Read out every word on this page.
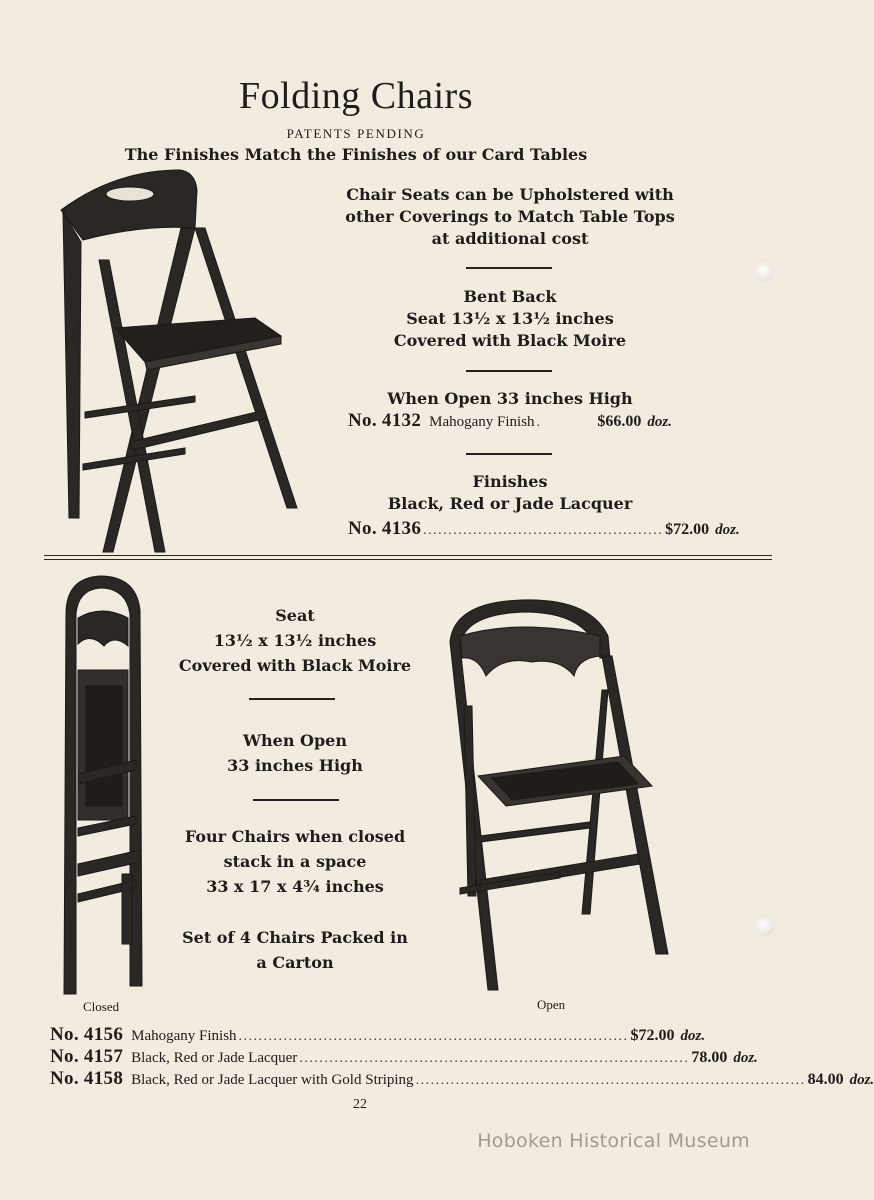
Folding Chairs
PATENTS PENDING
The Finishes Match the Finishes of our Card Tables
Chair Seats can be Upholstered with
other Coverings to Match Table Tops
at additional cost
Bent Back
Seat 13½ x 13½ inches
Covered with Black Moire
When Open 33 inches High
No. 4132 Mahogany Finish .	$66.00 doz.
Finishes
Black, Red or Jade Lacquer
No. 4136 ................................................ $72.00 doz.
Closed
Seat
13½ x 13½ inches
Covered with Black Moire
When Open
33 inches High
Four Chairs when closed
stack in a space
33 x 17 x 4¾ inches
Set of 4 Chairs Packed in
a Carton
Open
No. 4156 Mahogany Finish .............................................................................. $72.00 doz.
No. 4157 Black, Red or Jade Lacquer .............................................................................. 78.00 doz.
No. 4158 Black, Red or Jade Lacquer with Gold Striping .............................................................................. 84.00 doz.
22
Hoboken Historical Museum
